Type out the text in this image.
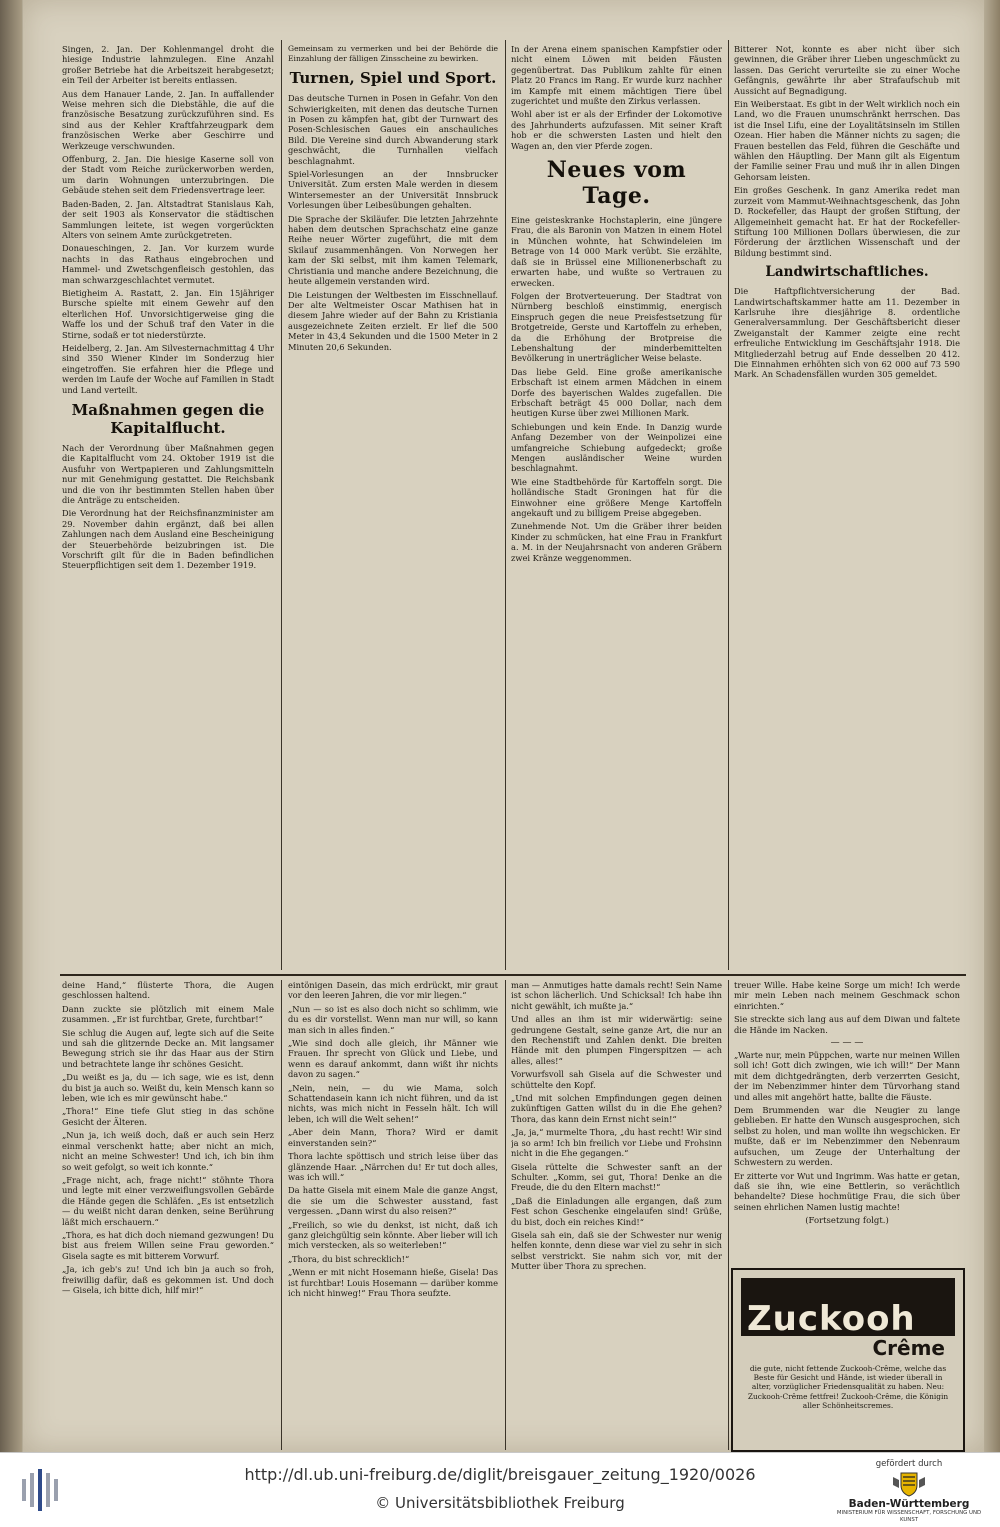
Singen, 2. Jan. Der Kohlenmangel droht die hiesige Industrie lahmzulegen. Eine Anzahl großer Betriebe hat die Arbeitszeit herabgesetzt; ein Teil der Arbeiter ist bereits entlassen.

Aus dem Hanauer Lande, 2. Jan. In auffallender Weise mehren sich die Diebstähle, die auf die französische Besatzung zurückzuführen sind. Es sind aus der Kehler Kraftfahrzeugpark dem französischen Werke aber Geschirre und Werkzeuge verschwunden.

Offenburg, 2. Jan. Die hiesige Kaserne soll von der Stadt vom Reiche zurückerworben werden, um darin Wohnungen unterzubringen. Die Gebäude stehen seit dem Friedensvertrage leer.

Baden-Baden, 2. Jan. Altstadtrat Stanislaus Kah, der seit 1903 als Konservator die städtischen Sammlungen leitete, ist wegen vorgerückten Alters von seinem Amte zurückgetreten.

Donaueschingen, 2. Jan. Vor kurzem wurde nachts in das Rathaus eingebrochen und Hammel- und Zwetschgenfleisch gestohlen, das man schwarzgeschlachtet vermutet.

Bietigheim A. Rastatt, 2. Jan. Ein 15jähriger Bursche spielte mit einem Gewehr auf den elterlichen Hof. Unvorsichtigerweise ging die Waffe los und der Schuß traf den Vater in die Stirne, sodaß er tot niederstürzte.

Heidelberg, 2. Jan. Am Silvesternachmittag 4 Uhr sind 350 Wiener Kinder im Sonderzug hier eingetroffen. Sie erfahren hier die Pflege und werden im Laufe der Woche auf Familien in Stadt und Land verteilt.

Maßnahmen gegen die Kapitalflucht.

Nach der Verordnung über Maßnahmen gegen die Kapitalflucht vom 24. Oktober 1919 ist die Ausfuhr von Wertpapieren und Zahlungsmitteln nur mit Genehmigung gestattet. Die Reichsbank und die von ihr bestimmten Stellen haben über die Anträge zu entscheiden.

Die Verordnung hat der Reichsfinanzminister am 29. November dahin ergänzt, daß bei allen Zahlungen nach dem Ausland eine Bescheinigung der Steuerbehörde beizubringen ist. Die Vorschrift gilt für die in Baden befindlichen Steuerpflichtigen seit dem 1. Dezember 1919.

Gemeinsam zu vermerken und bei der Behörde die Einzahlung der fälligen Zinsscheine zu bewirken.

Turnen, Spiel und Sport.

Das deutsche Turnen in Posen in Gefahr. Von den Schwierigkeiten, mit denen das deutsche Turnen in Posen zu kämpfen hat, gibt der Turnwart des Posen-Schlesischen Gaues ein anschauliches Bild. Die Vereine sind durch Abwanderung stark geschwächt, die Turnhallen vielfach beschlagnahmt.

Spiel-Vorlesungen an der Innsbrucker Universität. Zum ersten Male werden in diesem Wintersemester an der Universität Innsbruck Vorlesungen über Leibesübungen gehalten.

Die Sprache der Skiläufer. Die letzten Jahrzehnte haben dem deutschen Sprachschatz eine ganze Reihe neuer Wörter zugeführt, die mit dem Skilauf zusammenhängen. Von Norwegen her kam der Ski selbst, mit ihm kamen Telemark, Christiania und manche andere Bezeichnung, die heute allgemein verstanden wird.

Die Leistungen der Weltbesten im Eisschnellauf. Der alte Weltmeister Oscar Mathisen hat in diesem Jahre wieder auf der Bahn zu Kristiania ausgezeichnete Zeiten erzielt. Er lief die 500 Meter in 43,4 Sekunden und die 1500 Meter in 2 Minuten 20,6 Sekunden.

In der Arena einem spanischen Kampfstier oder nicht einem Löwen mit beiden Fäusten gegenübertrat. Das Publikum zahlte für einen Platz 20 Francs im Rang. Er wurde kurz nachher im Kampfe mit einem mächtigen Tiere übel zugerichtet und mußte den Zirkus verlassen.

Wohl aber ist er als der Erfinder der Lokomotive des Jahrhunderts aufzufassen. Mit seiner Kraft hob er die schwersten Lasten und hielt den Wagen an, den vier Pferde zogen.

Neues vom Tage.

Eine geisteskranke Hochstaplerin, eine jüngere Frau, die als Baronin von Matzen in einem Hotel in München wohnte, hat Schwindeleien im Betrage von 14 000 Mark verübt. Sie erzählte, daß sie in Brüssel eine Millionenerbschaft zu erwarten habe, und wußte so Vertrauen zu erwecken.

Folgen der Brotverteuerung. Der Stadtrat von Nürnberg beschloß einstimmig, energisch Einspruch gegen die neue Preisfestsetzung für Brotgetreide, Gerste und Kartoffeln zu erheben, da die Erhöhung der Brotpreise die Lebenshaltung der minderbemittelten Bevölkerung in unerträglicher Weise belaste.

Das liebe Geld. Eine große amerikanische Erbschaft ist einem armen Mädchen in einem Dorfe des bayerischen Waldes zugefallen. Die Erbschaft beträgt 45 000 Dollar, nach dem heutigen Kurse über zwei Millionen Mark.

Schiebungen und kein Ende. In Danzig wurde Anfang Dezember von der Weinpolizei eine umfangreiche Schiebung aufgedeckt; große Mengen ausländischer Weine wurden beschlagnahmt.

Wie eine Stadtbehörde für Kartoffeln sorgt. Die holländische Stadt Groningen hat für die Einwohner eine größere Menge Kartoffeln angekauft und zu billigem Preise abgegeben.

Zunehmende Not. Um die Gräber ihrer beiden Kinder zu schmücken, hat eine Frau in Frankfurt a. M. in der Neujahrsnacht von anderen Gräbern zwei Kränze weggenommen.

Bitterer Not, konnte es aber nicht über sich gewinnen, die Gräber ihrer Lieben ungeschmückt zu lassen. Das Gericht verurteilte sie zu einer Woche Gefängnis, gewährte ihr aber Strafaufschub mit Aussicht auf Begnadigung.

Ein Weiberstaat. Es gibt in der Welt wirklich noch ein Land, wo die Frauen unumschränkt herrschen. Das ist die Insel Lifu, eine der Loyalitätsinseln im Stillen Ozean. Hier haben die Männer nichts zu sagen; die Frauen bestellen das Feld, führen die Geschäfte und wählen den Häuptling. Der Mann gilt als Eigentum der Familie seiner Frau und muß ihr in allen Dingen Gehorsam leisten.

Ein großes Geschenk. In ganz Amerika redet man zurzeit vom Mammut-Weihnachtsgeschenk, das John D. Rockefeller, das Haupt der großen Stiftung, der Allgemeinheit gemacht hat. Er hat der Rockefeller-Stiftung 100 Millionen Dollars überwiesen, die zur Förderung der ärztlichen Wissenschaft und der Bildung bestimmt sind.

Landwirtschaftliches.

Die Haftpflichtversicherung der Bad. Landwirtschaftskammer hatte am 11. Dezember in Karlsruhe ihre diesjährige 8. ordentliche Generalversammlung. Der Geschäftsbericht dieser Zweiganstalt der Kammer zeigte eine recht erfreuliche Entwicklung im Geschäftsjahr 1918. Die Mitgliederzahl betrug auf Ende desselben 20 412. Die Einnahmen erhöhten sich von 62 000 auf 73 590 Mark. An Schadensfällen wurden 305 gemeldet.

deine Hand,“ flüsterte Thora, die Augen geschlossen haltend.

Dann zuckte sie plötzlich mit einem Male zusammen. „Er ist furchtbar, Grete, furchtbar!“

Sie schlug die Augen auf, legte sich auf die Seite und sah die glitzernde Decke an. Mit langsamer Bewegung strich sie ihr das Haar aus der Stirn und betrachtete lange ihr schönes Gesicht.

„Du weißt es ja, du — ich sage, wie es ist, denn du bist ja auch so. Weißt du, kein Mensch kann so leben, wie ich es mir gewünscht habe.“

„Thora!“ Eine tiefe Glut stieg in das schöne Gesicht der Älteren.

„Nun ja, ich weiß doch, daß er auch sein Herz einmal verschenkt hatte; aber nicht an mich, nicht an meine Schwester! Und ich, ich bin ihm so weit gefolgt, so weit ich konnte.“

„Frage nicht, ach, frage nicht!“ stöhnte Thora und legte mit einer verzweiflungsvollen Gebärde die Hände gegen die Schläfen. „Es ist entsetzlich — du weißt nicht daran denken, seine Berührung läßt mich erschauern.“

„Thora, es hat dich doch niemand gezwungen! Du bist aus freiem Willen seine Frau geworden.“ Gisela sagte es mit bitterem Vorwurf.

„Ja, ich geb's zu! Und ich bin ja auch so froh, freiwillig dafür, daß es gekommen ist. Und doch — Gisela, ich bitte dich, hilf mir!“

eintönigen Dasein, das mich erdrückt, mir graut vor den leeren Jahren, die vor mir liegen.“

„Nun — so ist es also doch nicht so schlimm, wie du es dir vorstellst. Wenn man nur will, so kann man sich in alles finden.“

„Wie sind doch alle gleich, ihr Männer wie Frauen. Ihr sprecht von Glück und Liebe, und wenn es darauf ankommt, dann wißt ihr nichts davon zu sagen.“

„Nein, nein, — du wie Mama, solch Schattendasein kann ich nicht führen, und da ist nichts, was mich nicht in Fesseln hält. Ich will leben, ich will die Welt sehen!“

„Aber dein Mann, Thora? Wird er damit einverstanden sein?“

Thora lachte spöttisch und strich leise über das glänzende Haar. „Närrchen du! Er tut doch alles, was ich will.“

Da hatte Gisela mit einem Male die ganze Angst, die sie um die Schwester ausstand, fast vergessen. „Dann wirst du also reisen?“

„Freilich, so wie du denkst, ist nicht, daß ich ganz gleichgültig sein könnte. Aber lieber will ich mich verstecken, als so weiterleben!“

„Thora, du bist schrecklich!“

„Wenn er mit nicht Hosemann hieße, Gisela! Das ist furchtbar! Louis Hosemann — darüber komme ich nicht hinweg!“ Frau Thora seufzte.

man — Anmutiges hatte damals recht! Sein Name ist schon lächerlich. Und Schicksal! Ich habe ihn nicht gewählt, ich mußte ja.“

Und alles an ihm ist mir widerwärtig: seine gedrungene Gestalt, seine ganze Art, die nur an den Rechenstift und Zahlen denkt. Die breiten Hände mit den plumpen Fingerspitzen — ach alles, alles!“

Vorwurfsvoll sah Gisela auf die Schwester und schüttelte den Kopf.

„Und mit solchen Empfindungen gegen deinen zukünftigen Gatten willst du in die Ehe gehen? Thora, das kann dein Ernst nicht sein!“

„Ja, ja,“ murmelte Thora, „du hast recht! Wir sind ja so arm! Ich bin freilich vor Liebe und Frohsinn nicht in die Ehe gegangen.“

Gisela rüttelte die Schwester sanft an der Schulter. „Komm, sei gut, Thora! Denke an die Freude, die du den Eltern machst!“

„Daß die Einladungen alle ergangen, daß zum Fest schon Geschenke eingelaufen sind! Grüße, du bist, doch ein reiches Kind!“

Gisela sah ein, daß sie der Schwester nur wenig helfen konnte, denn diese war viel zu sehr in sich selbst verstrickt. Sie nahm sich vor, mit der Mutter über Thora zu sprechen.

treuer Wille. Habe keine Sorge um mich! Ich werde mir mein Leben nach meinem Geschmack schon einrichten.“

Sie streckte sich lang aus auf dem Diwan und faltete die Hände im Nacken.

— — —

„Warte nur, mein Püppchen, warte nur meinen Willen soll ich! Gott dich zwingen, wie ich will!“ Der Mann mit dem dichtgedrängten, derb verzerrten Gesicht, der im Nebenzimmer hinter dem Türvorhang stand und alles mit angehört hatte, ballte die Fäuste.

Dem Brummenden war die Neugier zu lange geblieben. Er hatte den Wunsch ausgesprochen, sich selbst zu holen, und man wollte ihn wegschicken. Er mußte, daß er im Nebenzimmer den Nebenraum aufsuchen, um Zeuge der Unterhaltung der Schwestern zu werden.

Er zitterte vor Wut und Ingrimm. Was hatte er getan, daß sie ihn, wie eine Bettlerin, so verächtlich behandelte? Diese hochmütige Frau, die sich über seinen ehrlichen Namen lustig machte!

(Fortsetzung folgt.)
Zuckooh
Crême
die gute, nicht fettende Zuckooh-Crême, welche das Beste für Gesicht und Hände, ist wieder überall in alter, vorzüglicher Friedensqualität zu haben. Neu: Zuckooh-Crême fettfrei! Zuckooh-Crême, die Königin aller Schönheitscremes.
http://dl.ub.uni-freiburg.de/diglit/breisgauer_zeitung_1920/0026
© Universitätsbibliothek Freiburg
gefördert durch
Baden-Württemberg
MINISTERIUM FÜR WISSENSCHAFT, FORSCHUNG UND KUNST
